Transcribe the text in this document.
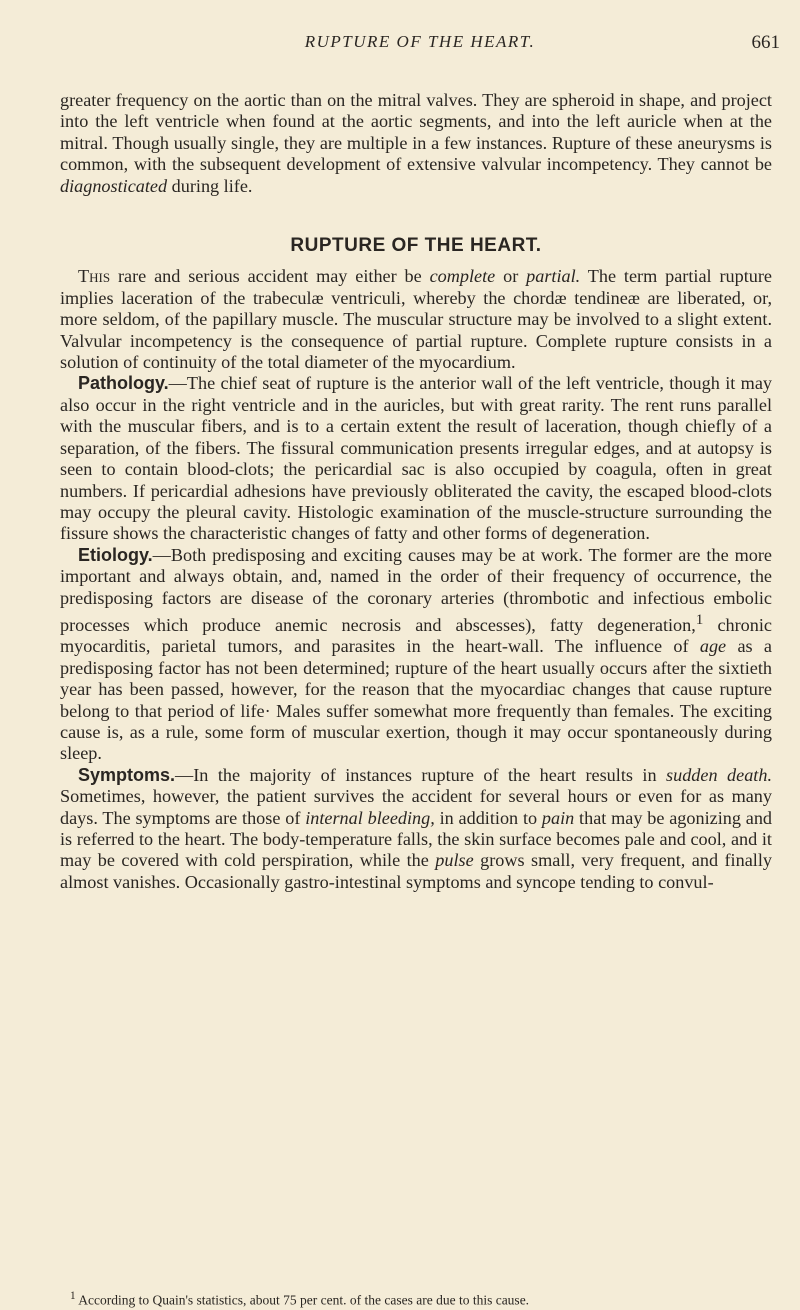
RUPTURE OF THE HEART.	661

greater frequency on the aortic than on the mitral valves. They are spheroid in shape, and project into the left ventricle when found at the aortic segments, and into the left auricle when at the mitral. Though usually single, they are multiple in a few instances. Rupture of these aneurysms is common, with the subsequent development of extensive valvular incompetency. They cannot be diagnosticated during life.

RUPTURE OF THE HEART.

This rare and serious accident may either be complete or partial. The term partial rupture implies laceration of the trabeculæ ventriculi, whereby the chordæ tendineæ are liberated, or, more seldom, of the papillary muscle. The muscular structure may be involved to a slight extent. Valvular incompetency is the consequence of partial rupture. Complete rupture consists in a solution of continuity of the total diameter of the myocardium.

Pathology.—The chief seat of rupture is the anterior wall of the left ventricle, though it may also occur in the right ventricle and in the auricles, but with great rarity. The rent runs parallel with the muscular fibers, and is to a certain extent the result of laceration, though chiefly of a separation, of the fibers. The fissural communication presents irregular edges, and at autopsy is seen to contain blood-clots; the pericardial sac is also occupied by coagula, often in great numbers. If pericardial adhesions have previously obliterated the cavity, the escaped blood-clots may occupy the pleural cavity. Histologic examination of the muscle-structure surrounding the fissure shows the characteristic changes of fatty and other forms of degeneration.

Etiology.—Both predisposing and exciting causes may be at work. The former are the more important and always obtain, and, named in the order of their frequency of occurrence, the predisposing factors are disease of the coronary arteries (thrombotic and infectious embolic processes which produce anemic necrosis and abscesses), fatty degeneration,$^1$ chronic myocarditis, parietal tumors, and parasites in the heart-wall. The influence of age as a predisposing factor has not been determined; rupture of the heart usually occurs after the sixtieth year has been passed, however, for the reason that the myocardiac changes that cause rupture belong to that period of life· Males suffer somewhat more frequently than females. The exciting cause is, as a rule, some form of muscular exertion, though it may occur spontaneously during sleep.

Symptoms.—In the majority of instances rupture of the heart results in sudden death. Sometimes, however, the patient survives the accident for several hours or even for as many days. The symptoms are those of internal bleeding, in addition to pain that may be agonizing and is referred to the heart. The body-temperature falls, the skin surface becomes pale and cool, and it may be covered with cold perspiration, while the pulse grows small, very frequent, and finally almost vanishes. Occasionally gastro-intestinal symptoms and syncope tending to convul-

$^1$ According to Quain's statistics, about 75 per cent. of the cases are due to this cause.
